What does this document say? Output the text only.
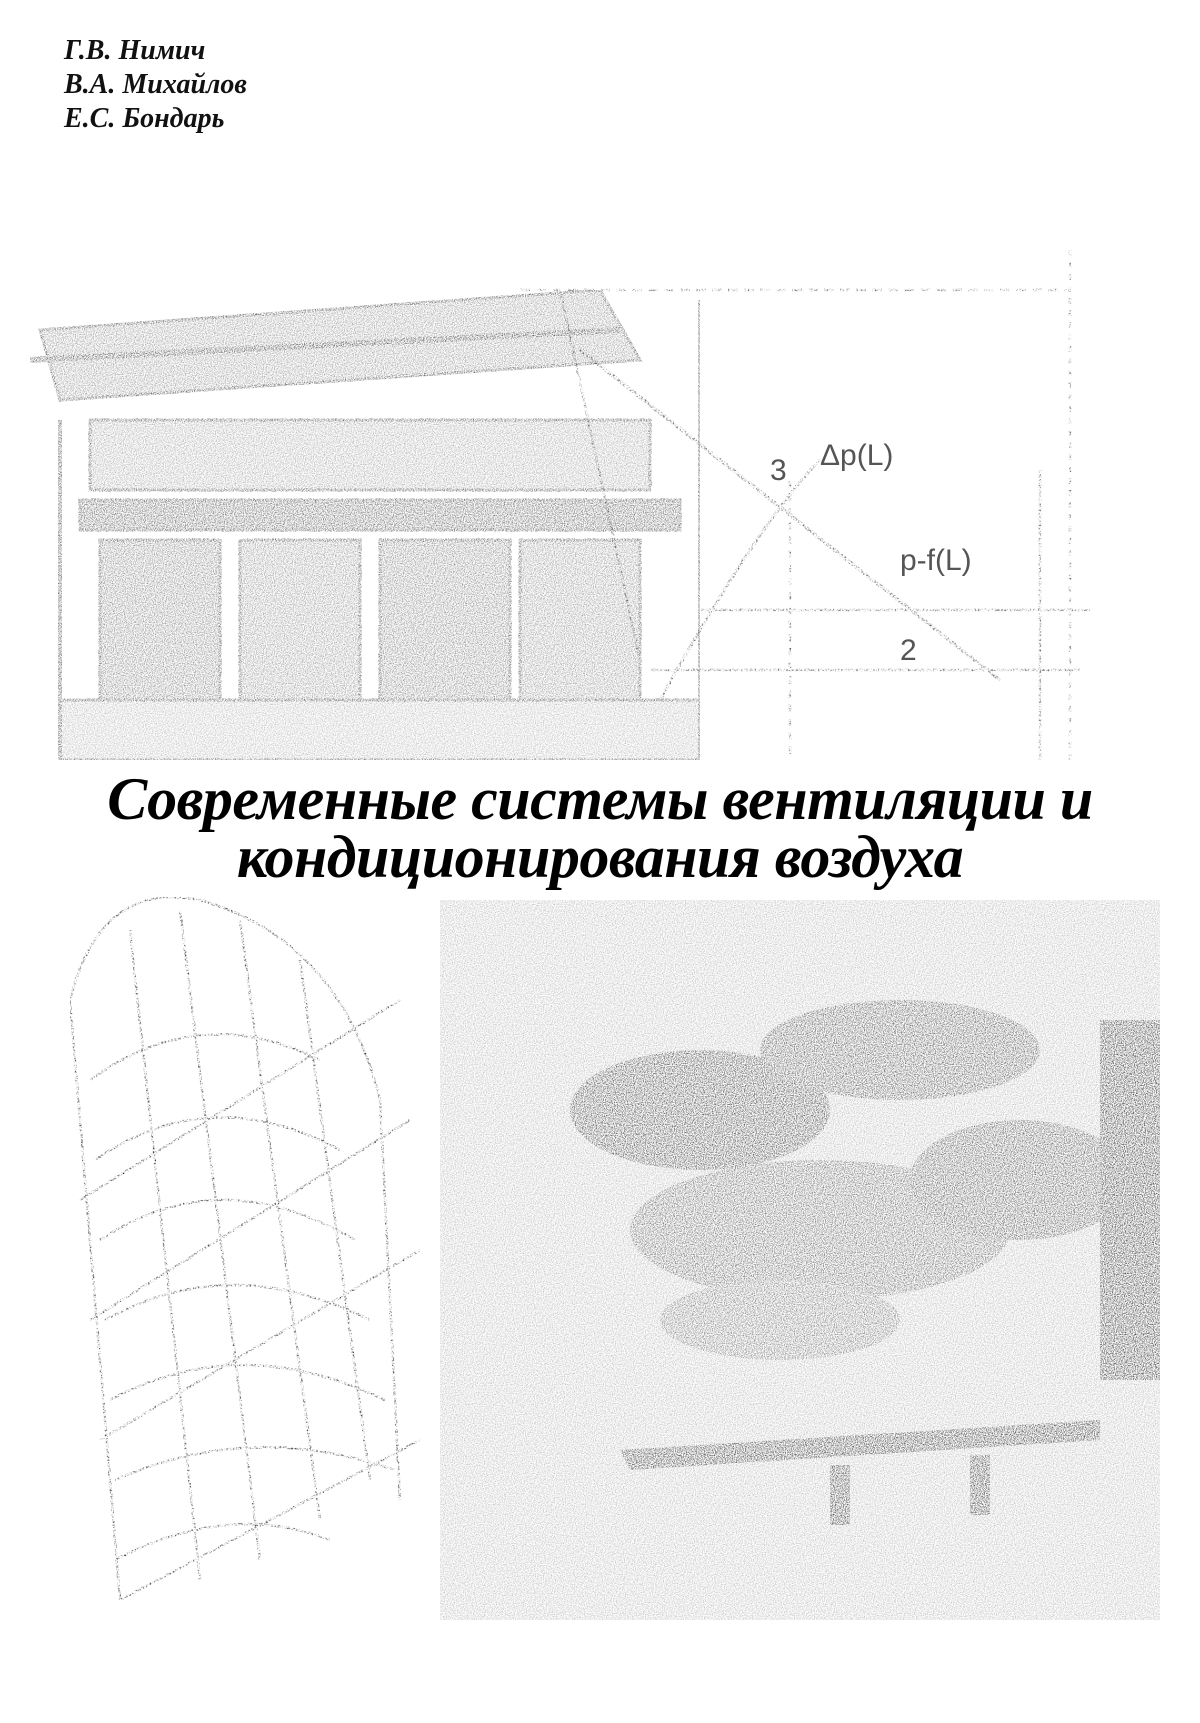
3
2
Δp(L)
p-f(L)
Г.В. Нимич
В.А. Михайлов
Е.С. Бондарь
Современные системы вентиляции и
кондиционирования воздуха
